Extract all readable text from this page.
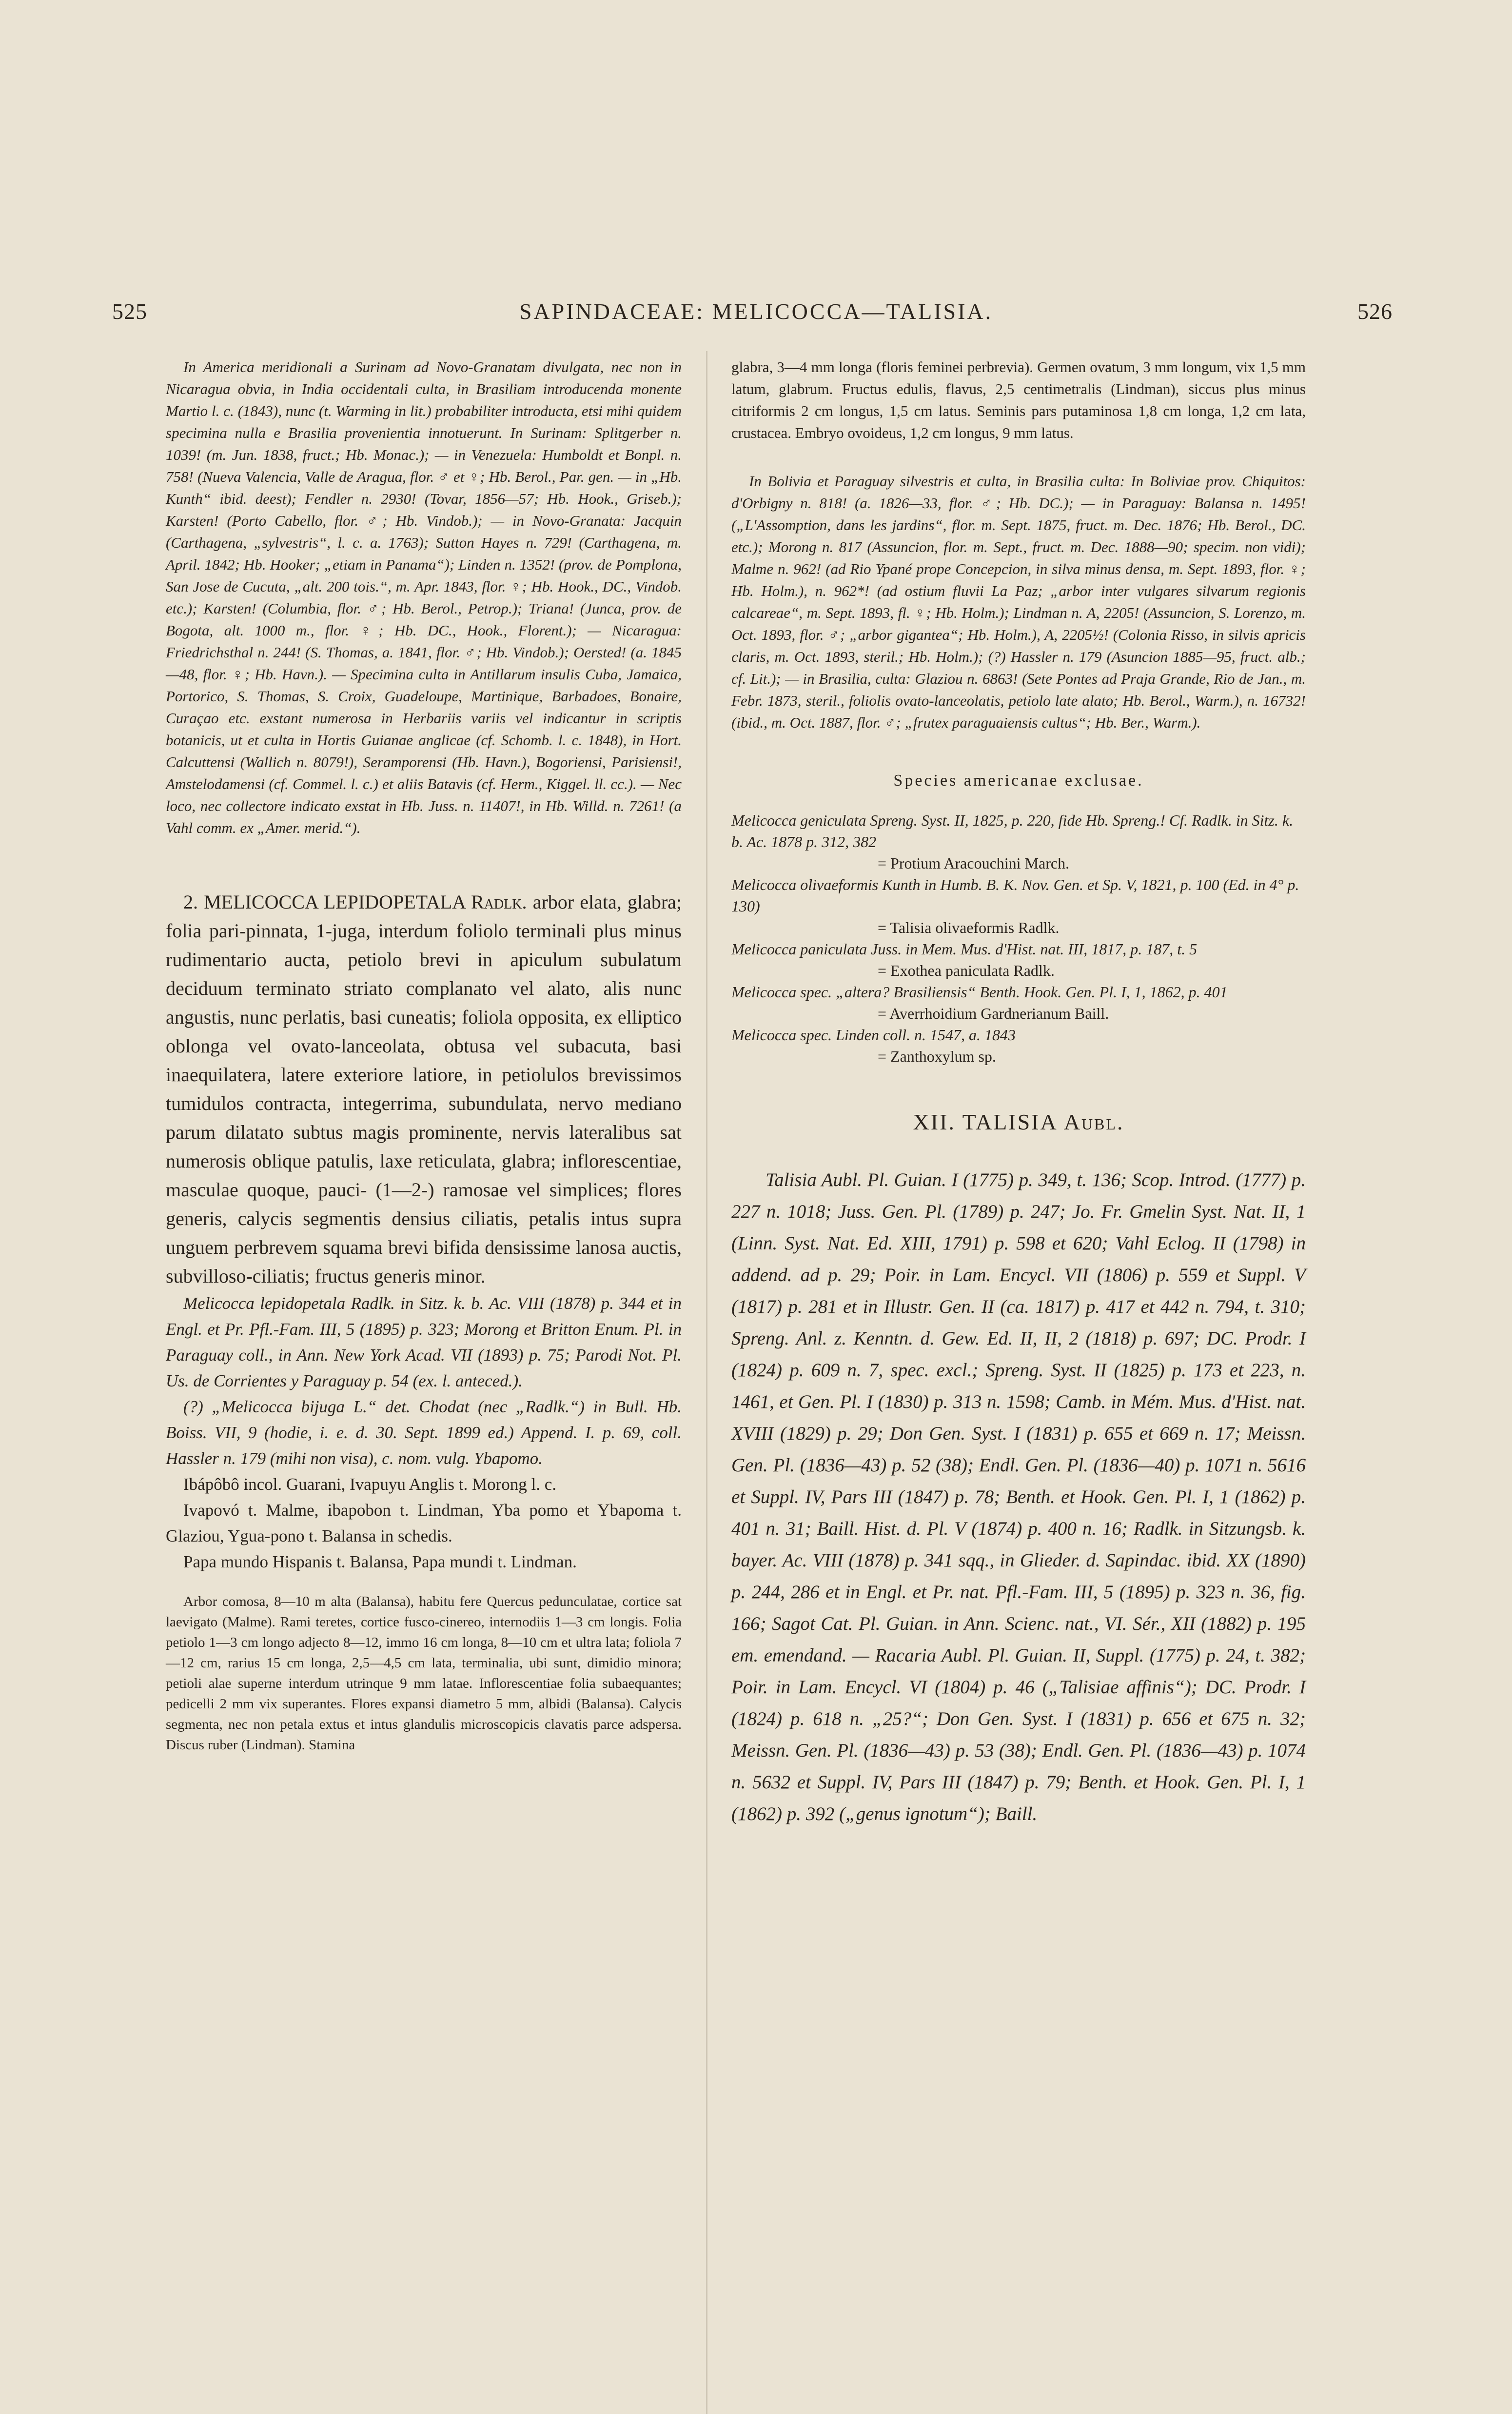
525	SAPINDACEAE: MELICOCCA—TALISIA.	526

In America meridionali a Surinam ad Novo-Granatam divulgata, nec non in Nicaragua obvia, in India occidentali culta, in Brasiliam introducenda monente Martio l. c. (1843), nunc (t. Warming in lit.) probabiliter introducta, etsi mihi quidem specimina nulla e Brasilia provenientia innotuerunt. In Surinam: Splitgerber n. 1039! (m. Jun. 1838, fruct.; Hb. Monac.); — in Venezuela: Humboldt et Bonpl. n. 758! (Nueva Valencia, Valle de Aragua, flor. ♂ et ♀; Hb. Berol., Par. gen. — in „Hb. Kunth“ ibid. deest); Fendler n. 2930! (Tovar, 1856—57; Hb. Hook., Griseb.); Karsten! (Porto Cabello, flor. ♂; Hb. Vindob.); — in Novo-Granata: Jacquin (Carthagena, „sylvestris“, l. c. a. 1763); Sutton Hayes n. 729! (Carthagena, m. April. 1842; Hb. Hooker; „etiam in Panama“); Linden n. 1352! (prov. de Pomplona, San Jose de Cucuta, „alt. 200 tois.“, m. Apr. 1843, flor. ♀; Hb. Hook., DC., Vindob. etc.); Karsten! (Columbia, flor. ♂; Hb. Berol., Petrop.); Triana! (Junca, prov. de Bogota, alt. 1000 m., flor. ♀; Hb. DC., Hook., Florent.); — Nicaragua: Friedrichsthal n. 244! (S. Thomas, a. 1841, flor. ♂; Hb. Vindob.); Oersted! (a. 1845—48, flor. ♀; Hb. Havn.). — Specimina culta in Antillarum insulis Cuba, Jamaica, Portorico, S. Thomas, S. Croix, Guadeloupe, Martinique, Barbadoes, Bonaire, Curaçao etc. exstant numerosa in Herbariis variis vel indicantur in scriptis botanicis, ut et culta in Hortis Guianae anglicae (cf. Schomb. l. c. 1848), in Hort. Calcuttensi (Wallich n. 8079!), Seramporensi (Hb. Havn.), Bogoriensi, Parisiensi!, Amstelodamensi (cf. Commel. l. c.) et aliis Batavis (cf. Herm., Kiggel. ll. cc.). — Nec loco, nec collectore indicato exstat in Hb. Juss. n. 11407!, in Hb. Willd. n. 7261! (a Vahl comm. ex „Amer. merid.“).

2. MELICOCCA LEPIDOPETALA Radlk. arbor elata, glabra; folia pari-pinnata, 1-juga, interdum foliolo terminali plus minus rudimentario aucta, petiolo brevi in apiculum subulatum deciduum terminato striato complanato vel alato, alis nunc angustis, nunc perlatis, basi cuneatis; foliola opposita, ex elliptico oblonga vel ovato-lanceolata, obtusa vel subacuta, basi inaequilatera, latere exteriore latiore, in petiolulos brevissimos tumidulos contracta, integerrima, subundulata, nervo mediano parum dilatato subtus magis prominente, nervis lateralibus sat numerosis oblique patulis, laxe reticulata, glabra; inflorescentiae, masculae quoque, pauci- (1—2-) ramosae vel simplices; flores generis, calycis segmentis densius ciliatis, petalis intus supra unguem perbrevem squama brevi bifida densissime lanosa auctis, subvilloso-ciliatis; fructus generis minor.

Melicocca lepidopetala Radlk. in Sitz. k. b. Ac. VIII (1878) p. 344 et in Engl. et Pr. Pfl.-Fam. III, 5 (1895) p. 323; Morong et Britton Enum. Pl. in Paraguay coll., in Ann. New York Acad. VII (1893) p. 75; Parodi Not. Pl. Us. de Corrientes y Paraguay p. 54 (ex. l. anteced.).

(?) „Melicocca bijuga L.“ det. Chodat (nec „Radlk.“) in Bull. Hb. Boiss. VII, 9 (hodie, i. e. d. 30. Sept. 1899 ed.) Append. I. p. 69, coll. Hassler n. 179 (mihi non visa), c. nom. vulg. Ybapomo.

Ibápôbô incol. Guarani, Ivapuyu Anglis t. Morong l. c.

Ivapovó t. Malme, ibapobon t. Lindman, Yba pomo et Ybapoma t. Glaziou, Ygua-pono t. Balansa in schedis.

Papa mundo Hispanis t. Balansa, Papa mundi t. Lindman.

Arbor comosa, 8—10 m alta (Balansa), habitu fere Quercus pedunculatae, cortice sat laevigato (Malme). Rami teretes, cortice fusco-cinereo, internodiis 1—3 cm longis. Folia petiolo 1—3 cm longo adjecto 8—12, immo 16 cm longa, 8—10 cm et ultra lata; foliola 7—12 cm, rarius 15 cm longa, 2,5—4,5 cm lata, terminalia, ubi sunt, dimidio minora; petioli alae superne interdum utrinque 9 mm latae. Inflorescentiae folia subaequantes; pedicelli 2 mm vix superantes. Flores expansi diametro 5 mm, albidi (Balansa). Calycis segmenta, nec non petala extus et intus glandulis microscopicis clavatis parce adspersa. Discus ruber (Lindman). Stamina

glabra, 3—4 mm longa (floris feminei perbrevia). Germen ovatum, 3 mm longum, vix 1,5 mm latum, glabrum. Fructus edulis, flavus, 2,5 centimetralis (Lindman), siccus plus minus citriformis 2 cm longus, 1,5 cm latus. Seminis pars putaminosa 1,8 cm longa, 1,2 cm lata, crustacea. Embryo ovoideus, 1,2 cm longus, 9 mm latus.

In Bolivia et Paraguay silvestris et culta, in Brasilia culta: In Boliviae prov. Chiquitos: d'Orbigny n. 818! (a. 1826—33, flor. ♂; Hb. DC.); — in Paraguay: Balansa n. 1495! („L'Assomption, dans les jardins“, flor. m. Sept. 1875, fruct. m. Dec. 1876; Hb. Berol., DC. etc.); Morong n. 817 (Assuncion, flor. m. Sept., fruct. m. Dec. 1888—90; specim. non vidi); Malme n. 962! (ad Rio Ypané prope Concepcion, in silva minus densa, m. Sept. 1893, flor. ♀; Hb. Holm.), n. 962*! (ad ostium fluvii La Paz; „arbor inter vulgares silvarum regionis calcareae“, m. Sept. 1893, fl. ♀; Hb. Holm.); Lindman n. A, 2205! (Assuncion, S. Lorenzo, m. Oct. 1893, flor. ♂; „arbor gigantea“; Hb. Holm.), A, 2205½! (Colonia Risso, in silvis apricis claris, m. Oct. 1893, steril.; Hb. Holm.); (?) Hassler n. 179 (Asuncion 1885—95, fruct. alb.; cf. Lit.); — in Brasilia, culta: Glaziou n. 6863! (Sete Pontes ad Praja Grande, Rio de Jan., m. Febr. 1873, steril., foliolis ovato-lanceolatis, petiolo late alato; Hb. Berol., Warm.), n. 16732! (ibid., m. Oct. 1887, flor. ♂; „frutex paraguaiensis cultus“; Hb. Ber., Warm.).

Species americanae exclusae.
Melicocca geniculata Spreng. Syst. II, 1825, p. 220, fide Hb. Spreng.! Cf. Radlk. in Sitz. k. b. Ac. 1878 p. 312, 382
= Protium Aracouchini March.
Melicocca olivaeformis Kunth in Humb. B. K. Nov. Gen. et Sp. V, 1821, p. 100 (Ed. in 4° p. 130)
= Talisia olivaeformis Radlk.
Melicocca paniculata Juss. in Mem. Mus. d'Hist. nat. III, 1817, p. 187, t. 5
= Exothea paniculata Radlk.
Melicocca spec. „altera? Brasiliensis“ Benth. Hook. Gen. Pl. I, 1, 1862, p. 401
= Averrhoidium Gardnerianum Baill.
Melicocca spec. Linden coll. n. 1547, a. 1843
= Zanthoxylum sp.
XII. TALISIA Aubl.

Talisia Aubl. Pl. Guian. I (1775) p. 349, t. 136; Scop. Introd. (1777) p. 227 n. 1018; Juss. Gen. Pl. (1789) p. 247; Jo. Fr. Gmelin Syst. Nat. II, 1 (Linn. Syst. Nat. Ed. XIII, 1791) p. 598 et 620; Vahl Eclog. II (1798) in addend. ad p. 29; Poir. in Lam. Encycl. VII (1806) p. 559 et Suppl. V (1817) p. 281 et in Illustr. Gen. II (ca. 1817) p. 417 et 442 n. 794, t. 310; Spreng. Anl. z. Kenntn. d. Gew. Ed. II, II, 2 (1818) p. 697; DC. Prodr. I (1824) p. 609 n. 7, spec. excl.; Spreng. Syst. II (1825) p. 173 et 223, n. 1461, et Gen. Pl. I (1830) p. 313 n. 1598; Camb. in Mém. Mus. d'Hist. nat. XVIII (1829) p. 29; Don Gen. Syst. I (1831) p. 655 et 669 n. 17; Meissn. Gen. Pl. (1836—43) p. 52 (38); Endl. Gen. Pl. (1836—40) p. 1071 n. 5616 et Suppl. IV, Pars III (1847) p. 78; Benth. et Hook. Gen. Pl. I, 1 (1862) p. 401 n. 31; Baill. Hist. d. Pl. V (1874) p. 400 n. 16; Radlk. in Sitzungsb. k. bayer. Ac. VIII (1878) p. 341 sqq., in Glieder. d. Sapindac. ibid. XX (1890) p. 244, 286 et in Engl. et Pr. nat. Pfl.-Fam. III, 5 (1895) p. 323 n. 36, fig. 166; Sagot Cat. Pl. Guian. in Ann. Scienc. nat., VI. Sér., XII (1882) p. 195 em. emendand. — Racaria Aubl. Pl. Guian. II, Suppl. (1775) p. 24, t. 382; Poir. in Lam. Encycl. VI (1804) p. 46 („Talisiae affinis“); DC. Prodr. I (1824) p. 618 n. „25?“; Don Gen. Syst. I (1831) p. 656 et 675 n. 32; Meissn. Gen. Pl. (1836—43) p. 53 (38); Endl. Gen. Pl. (1836—43) p. 1074 n. 5632 et Suppl. IV, Pars III (1847) p. 79; Benth. et Hook. Gen. Pl. I, 1 (1862) p. 392 („genus ignotum“); Baill.
